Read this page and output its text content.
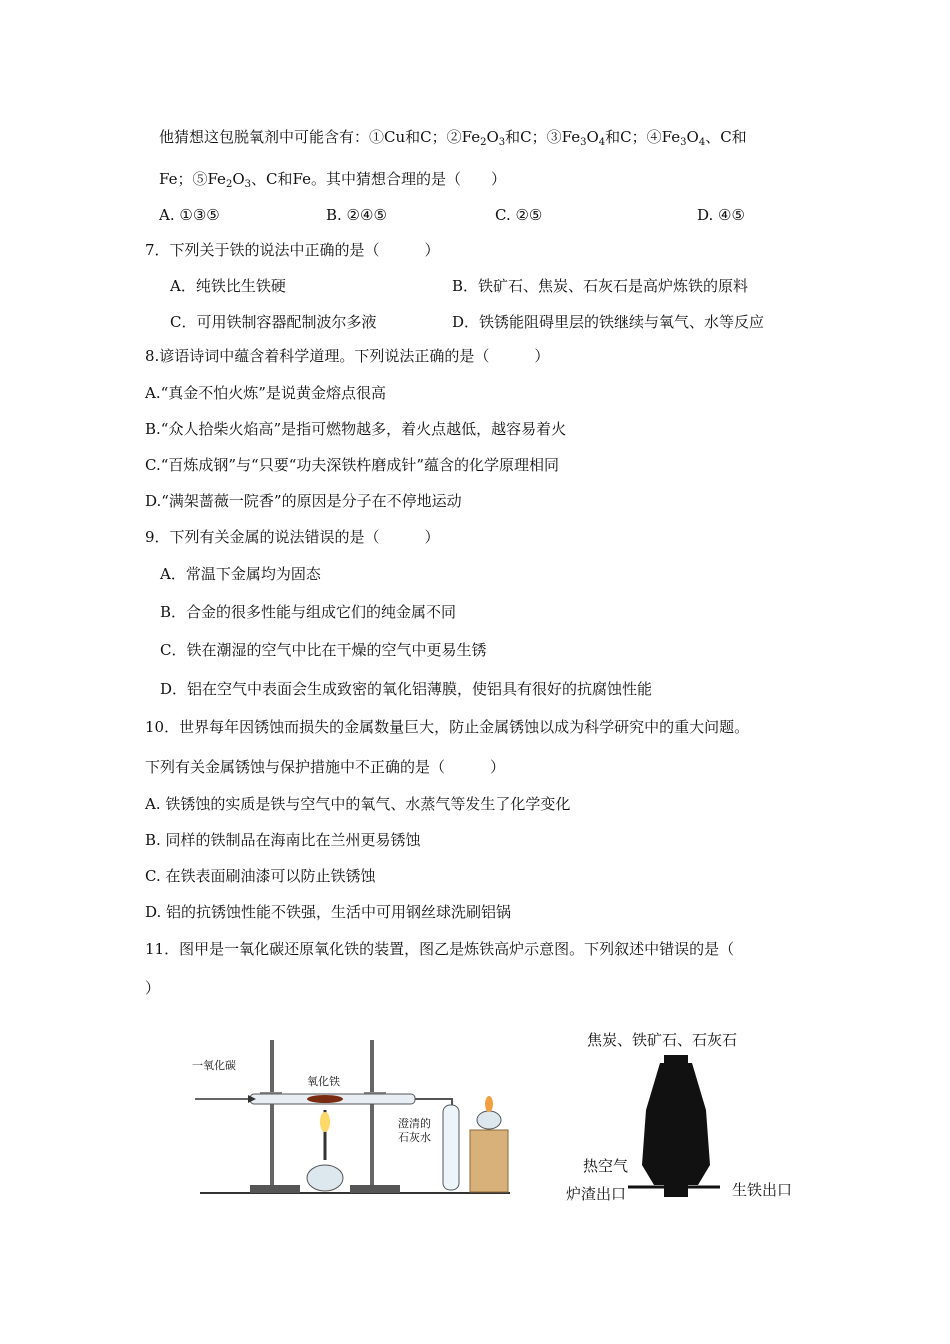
他猜想这包脱氧剂中可能含有：①Cu和C；$②Fe_2O_3$和C；$③Fe_3O_4$和C；$④Fe_3O_4$、C和
Fe；$⑤Fe_2O_3$、C和Fe。其中猜想合理的是（　　）
A. ①③⑤	B. ②④⑤	C. ②⑤	D. ④⑤
7．下列关于铁的说法中正确的是（　　　）
A．纯铁比生铁硬	B．铁矿石、焦炭、石灰石是高炉炼铁的原料
C．可用铁制容器配制波尔多液	D．铁锈能阻碍里层的铁继续与氧气、水等反应
8.谚语诗词中蕴含着科学道理。下列说法正确的是（　　　）
A.“真金不怕火炼”是说黄金熔点很高
B.“众人拾柴火焰高”是指可燃物越多，着火点越低，越容易着火
C.“百炼成钢”与“只要“功夫深铁杵磨成针”蕴含的化学原理相同
D.“满架蔷薇一院香”的原因是分子在不停地运动
9．下列有关金属的说法错误的是（　　　）
A．常温下金属均为固态
B．合金的很多性能与组成它们的纯金属不同
C．铁在潮湿的空气中比在干燥的空气中更易生锈
D．铝在空气中表面会生成致密的氧化铝薄膜，使铝具有很好的抗腐蚀性能
10．世界每年因锈蚀而损失的金属数量巨大，防止金属锈蚀以成为科学研究中的重大问题。
下列有关金属锈蚀与保护措施中不正确的是（　　　）
A. 铁锈蚀的实质是铁与空气中的氧气、水蒸气等发生了化学变化
B. 同样的铁制品在海南比在兰州更易锈蚀
C. 在铁表面刷油漆可以防止铁锈蚀
D. 铝的抗锈蚀性能不铁强，生活中可用钢丝球洗刷铝锅
11．图甲是一氧化碳还原氧化铁的装置，图乙是炼铁高炉示意图。下列叙述中错误的是（
）
一氧化碳
氧化铁
澄清的
石灰水
焦炭、铁矿石、石灰石
热空气
炉渣出口	生铁出口
